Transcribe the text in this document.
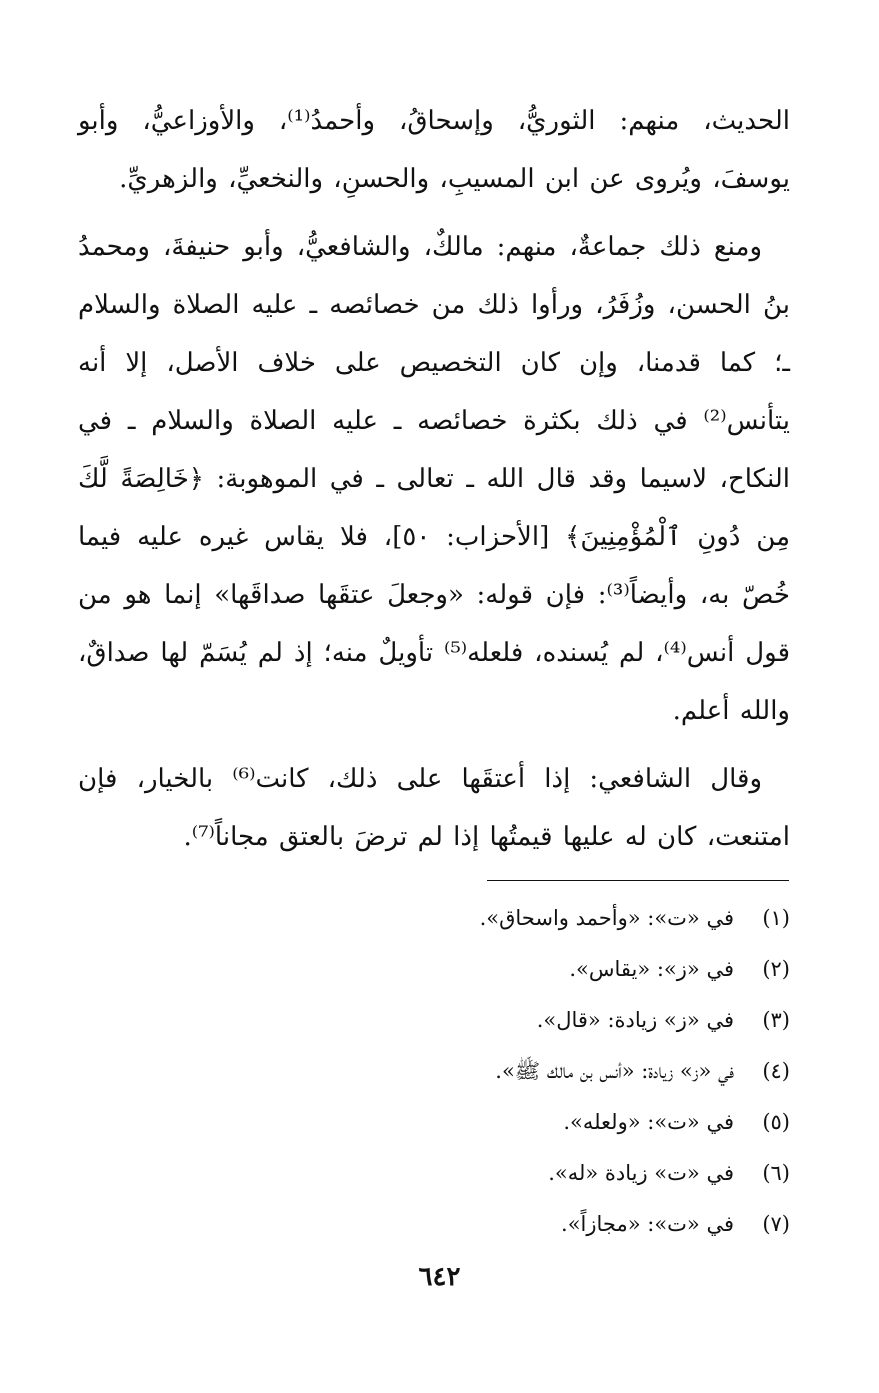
الحديث، منهم: الثوريُّ، وإسحاقُ، وأحمدُ⁽¹⁾، والأوزاعيُّ، وأبو يوسفَ، ويُروى عن ابن المسيبِ، والحسنِ، والنخعيِّ، والزهريِّ.

ومنع ذلك جماعةٌ، منهم: مالكٌ، والشافعيُّ، وأبو حنيفةَ، ومحمدُ بنُ الحسن، وزُفَرُ، ورأوا ذلك من خصائصه ـ عليه الصلاة والسلام ـ؛ كما قدمنا، وإن كان التخصيص على خلاف الأصل، إلا أنه يتأنس⁽²⁾ في ذلك بكثرة خصائصه ـ عليه الصلاة والسلام ـ في النكاح، لاسيما وقد قال الله ـ تعالى ـ في الموهوبة: ﴿خَالِصَةً لَّكَ مِن دُونِ ٱلْمُؤْمِنِينَ﴾ [الأحزاب: ٥٠]، فلا يقاس غيره عليه فيما خُصّ به، وأيضاً⁽³⁾: فإن قوله: «وجعلَ عتقَها صداقَها» إنما هو من قول أنس⁽⁴⁾، لم يُسنده، فلعله⁽⁵⁾ تأويلٌ منه؛ إذ لم يُسَمّ لها صداقٌ، والله أعلم.

وقال الشافعي: إذا أعتقَها على ذلك، كانت⁽⁶⁾ بالخيار، فإن امتنعت، كان له عليها قيمتُها إذا لم ترضَ بالعتق مجاناً⁽⁷⁾.

(١)
في «ت»: «وأحمد واسحاق».
(٢)
في «ز»: «يقاس».
(٣)
في «ز» زيادة: «قال».
(٤)
في «ز» زيادة: «أنس بن مالك ﷺ».
(٥)
في «ت»: «ولعله».
(٦)
في «ت» زيادة «له».
(٧)
في «ت»: «مجازاً».
٦٤٢
